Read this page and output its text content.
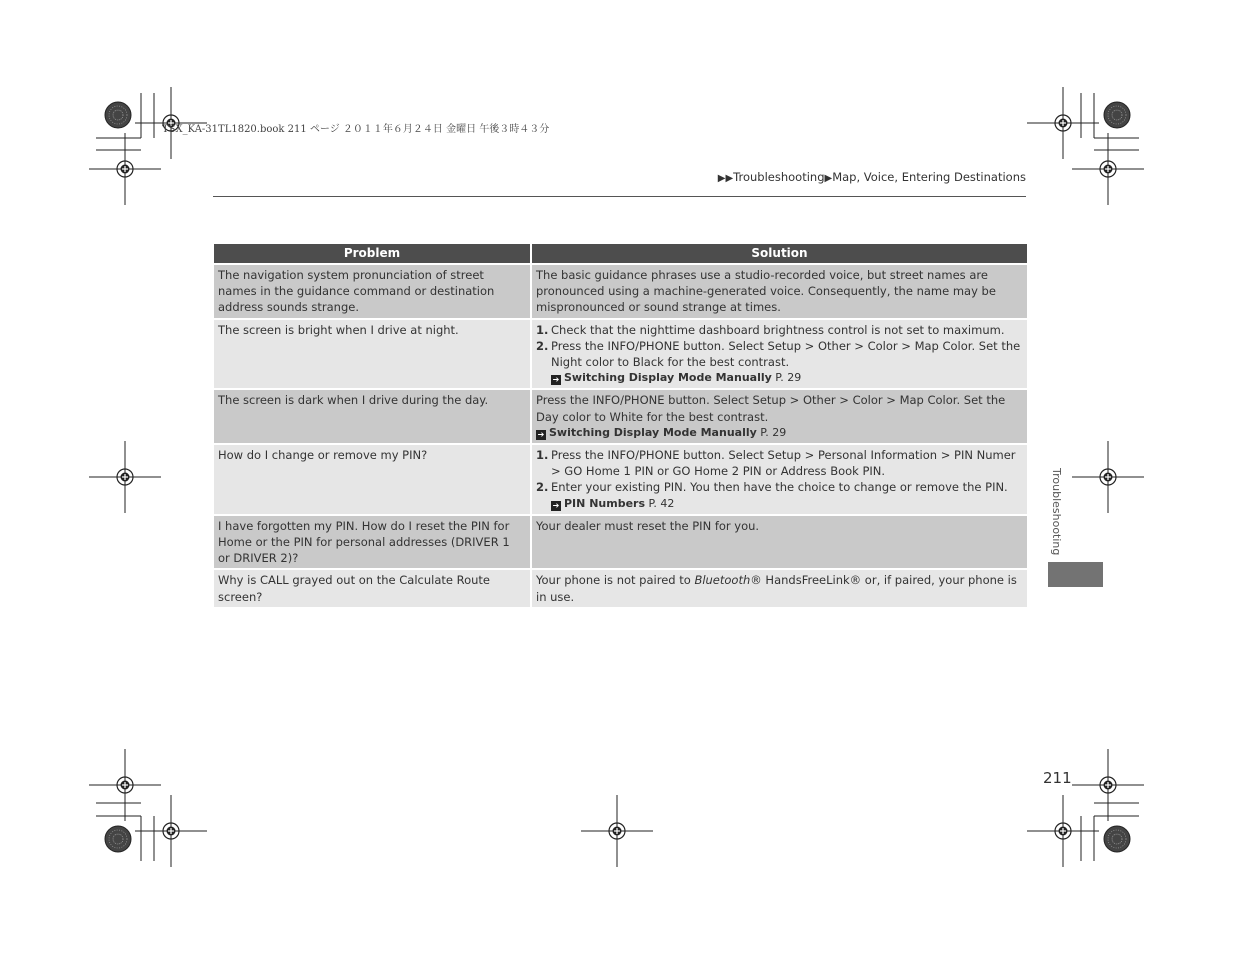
TSX_KA-31TL1820.book 211 ページ ２０１１年６月２４日 金曜日 午後３時４３分
▶▶Troubleshooting▶Map, Voice, Entering Destinations
Problem	Solution
The navigation system pronunciation of street names in the guidance command or destination address sounds strange.	The basic guidance phrases use a studio-recorded voice, but street names are pronounced using a machine-generated voice. Consequently, the name may be mispronounced or sound strange at times.
The screen is bright when I drive at night.	1. Check that the nighttime dashboard brightness control is not set to maximum.
2. Press the INFO/PHONE button. Select Setup > Other > Color > Map Color. Set the Night color to Black for the best contrast.
➔ Switching Display Mode Manually P. 29

The screen is dark when I drive during the day.	Press the INFO/PHONE button. Select Setup > Other > Color > Map Color. Set the Day color to White for the best contrast.
➔ Switching Display Mode Manually P. 29

How do I change or remove my PIN?	1. Press the INFO/PHONE button. Select Setup > Personal Information > PIN Numer > GO Home 1 PIN or GO Home 2 PIN or Address Book PIN.
2. Enter your existing PIN. You then have the choice to change or remove the PIN.
➔ PIN Numbers P. 42

I have forgotten my PIN. How do I reset the PIN for Home or the PIN for personal addresses (DRIVER 1 or DRIVER 2)?	Your dealer must reset the PIN for you.
Why is CALL grayed out on the Calculate Route screen?	Your phone is not paired to Bluetooth® HandsFreeLink® or, if paired, your phone is in use.
Troubleshooting
211
